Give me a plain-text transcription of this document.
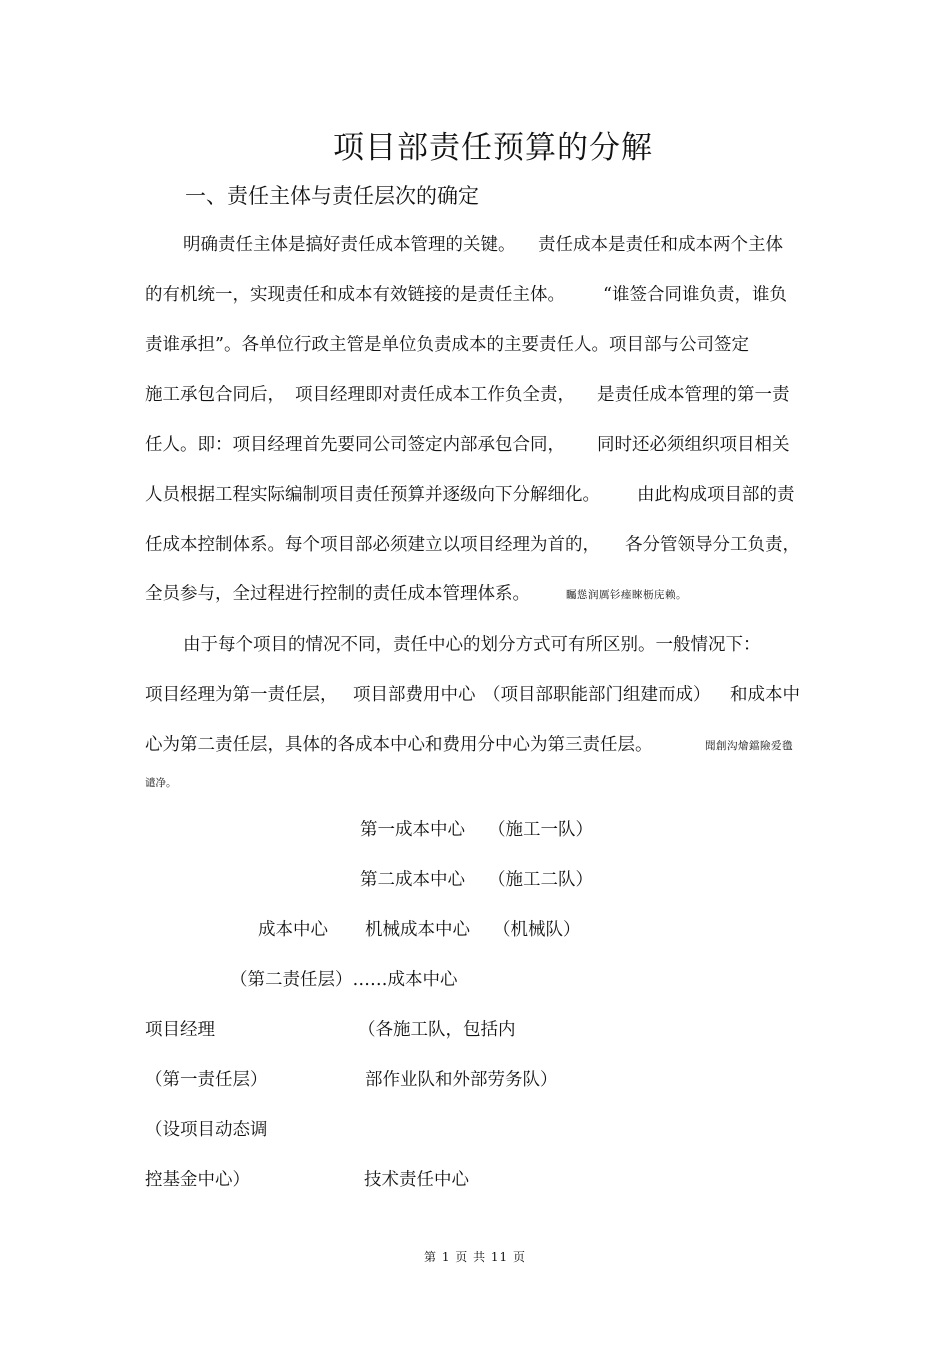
项目部责任预算的分解
一、责任主体与责任层次的确定
明确责任主体是搞好责任成本管理的关键。 责任成本是责任和成本两个主体
的有机统一，实现责任和成本有效链接的是责任主体。 “谁签合同谁负责，谁负
责谁承担”。各单位行政主管是单位负责成本的主要责任人。项目部与公司签定
施工承包合同后， 项目经理即对责任成本工作负全责， 是责任成本管理的第一责
任人。即：项目经理首先要同公司签定内部承包合同， 同时还必须组织项目相关
人员根据工程实际编制项目责任预算并逐级向下分解细化。 由此构成项目部的责
任成本控制体系。每个项目部必须建立以项目经理为首的， 各分管领导分工负责，
全员参与，全过程进行控制的责任成本管理体系。	矚慫润厲钐瘗睞枥庑赖。
由于每个项目的情况不同，责任中心的划分方式可有所区别。一般情况下：
项目经理为第一责任层， 项目部费用中心 （项目部职能部门组建而成） 和成本中
心为第二责任层，具体的各成本中心和费用分中心为第三责任层。	聞創沟燴鐺險爱氇
谴净。
第一成本中心 （施工一队）
第二成本中心 （施工二队）
成本中心 机械成本中心 （机械队）
（第二责任层）……成本中心
项目经理	（各施工队，包括内
（第一责任层）	部作业队和外部劳务队）
（设项目动态调
控基金中心）	技术责任中心
第 1 页 共 11 页
